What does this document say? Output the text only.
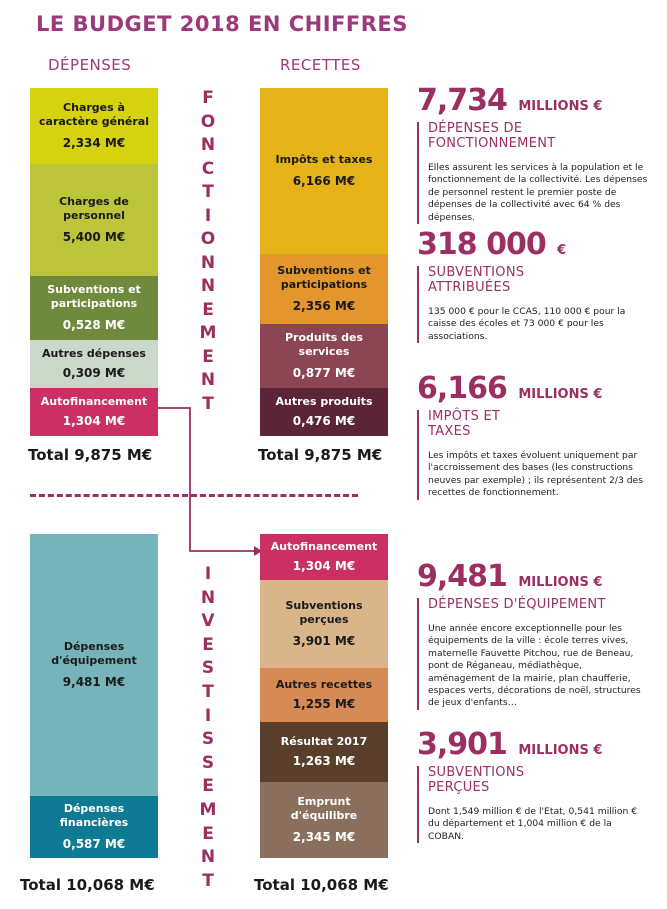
LE BUDGET 2018 EN CHIFFRES
DÉPENSES	RECETTES
Charges à caractère général
2,334 M€
Charges de personnel
5,400 M€
Subventions et participations
0,528 M€
Autres dépenses
0,309 M€
Autofinancement
1,304 M€
Total 9,875 M€
Impôts et taxes
6,166 M€
Subventions et participations
2,356 M€
Produits des services
0,877 M€
Autres produits
0,476 M€
Total 9,875 M€
F
O
N
C
T
I
O
N
N
E
M
E
N
T
Dépenses d'équipement
9,481 M€
Dépenses financières
0,587 M€
Total 10,068 M€
Autofinancement
1,304 M€
Subventions perçues
3,901 M€
Autres recettes
1,255 M€
Résultat 2017
1,263 M€
Emprunt d'équilibre
2,345 M€
Total 10,068 M€
I
N
V
E
S
T
I
S
S
E
M
E
N
T
7,734 MILLIONS €
DÉPENSES DE FONCTIONNEMENT
Elles assurent les services à la population et le fonctionnement de la collectivité. Les dépenses de personnel restent le premier poste de dépenses de la collectivité avec 64 % des dépenses.
318 000 €
SUBVENTIONS ATTRIBUÉES
135 000 € pour le CCAS, 110 000 € pour la caisse des écoles et 73 000 € pour les associations.
6,166 MILLIONS €
IMPÔTS ET TAXES
Les impôts et taxes évoluent uniquement par l'accroissement des bases (les constructions neuves par exemple) ; ils représentent 2/3 des recettes de fonctionnement.
9,481 MILLIONS €
DÉPENSES D'ÉQUIPEMENT
Une année encore exceptionnelle pour les équipements de la ville : école terres vives, maternelle Fauvette Pitchou, rue de Beneau, pont de Réganeau, médiathèque, aménagement de la mairie, plan chaufferie, espaces verts, décorations de noël, structures de jeux d'enfants…
3,901 MILLIONS €
SUBVENTIONS PERÇUES
Dont 1,549 million € de l'Etat, 0,541 million € du département et 1,004 million € de la COBAN.
